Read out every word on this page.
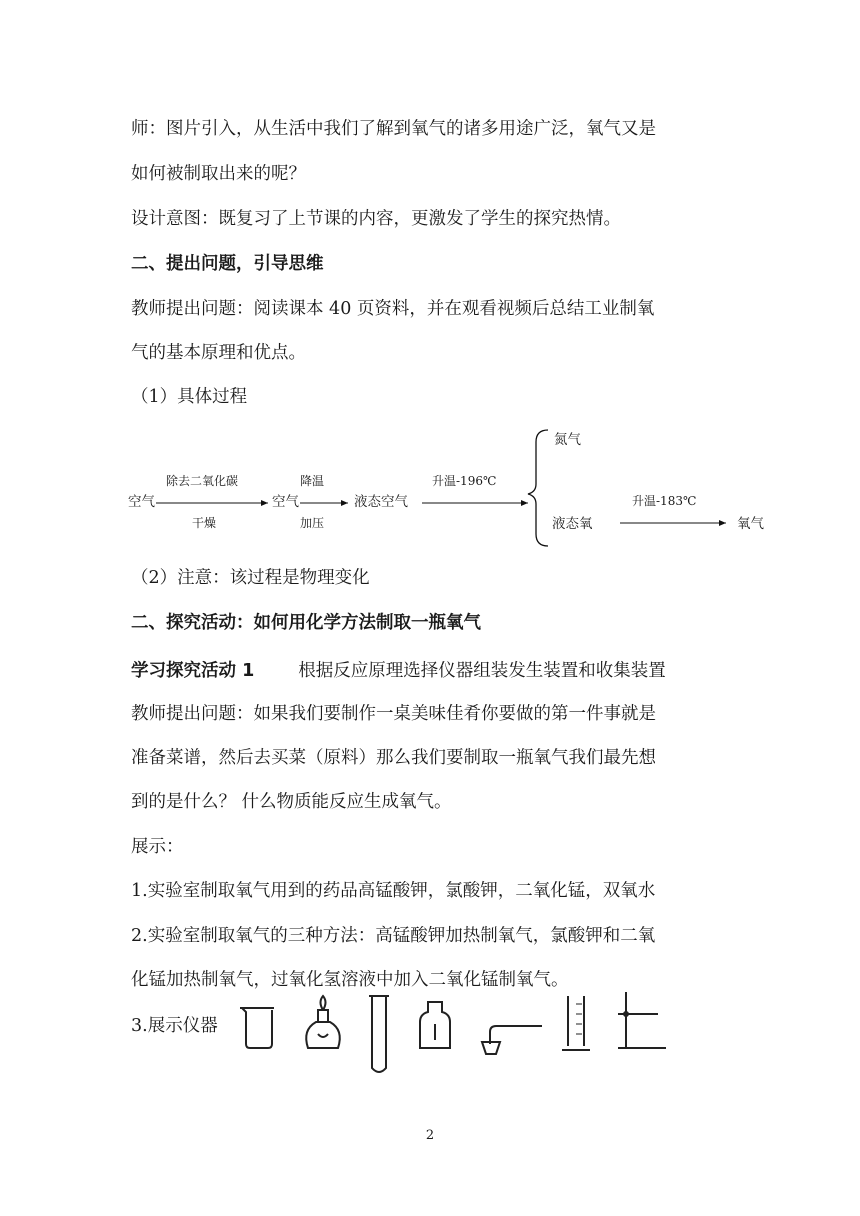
师：图片引入，从生活中我们了解到氧气的诸多用途广泛，氧气又是
如何被制取出来的呢？
设计意图：既复习了上节课的内容，更激发了学生的探究热情。
二、提出问题，引导思维
教师提出问题：阅读课本 40 页资料，并在观看视频后总结工业制氧
气的基本原理和优点。
（1）具体过程
空气
除去二氧化碳
干燥
空气
降温
加压
液态空气
升温-196℃
氮气
液态氧
升温-183℃
氧气
（2）注意：该过程是物理变化
二、探究活动：如何用化学方法制取一瓶氧气
学习探究活动 1	根据反应原理选择仪器组装发生装置和收集装置
教师提出问题：如果我们要制作一桌美味佳肴你要做的第一件事就是
准备菜谱，然后去买菜（原料）那么我们要制取一瓶氧气我们最先想
到的是什么？ 什么物质能反应生成氧气。
展示：
1.实验室制取氧气用到的药品高锰酸钾，氯酸钾，二氧化锰，双氧水
2.实验室制取氧气的三种方法：高锰酸钾加热制氧气，氯酸钾和二氧
化锰加热制氧气，过氧化氢溶液中加入二氧化锰制氧气。
3.展示仪器
2
